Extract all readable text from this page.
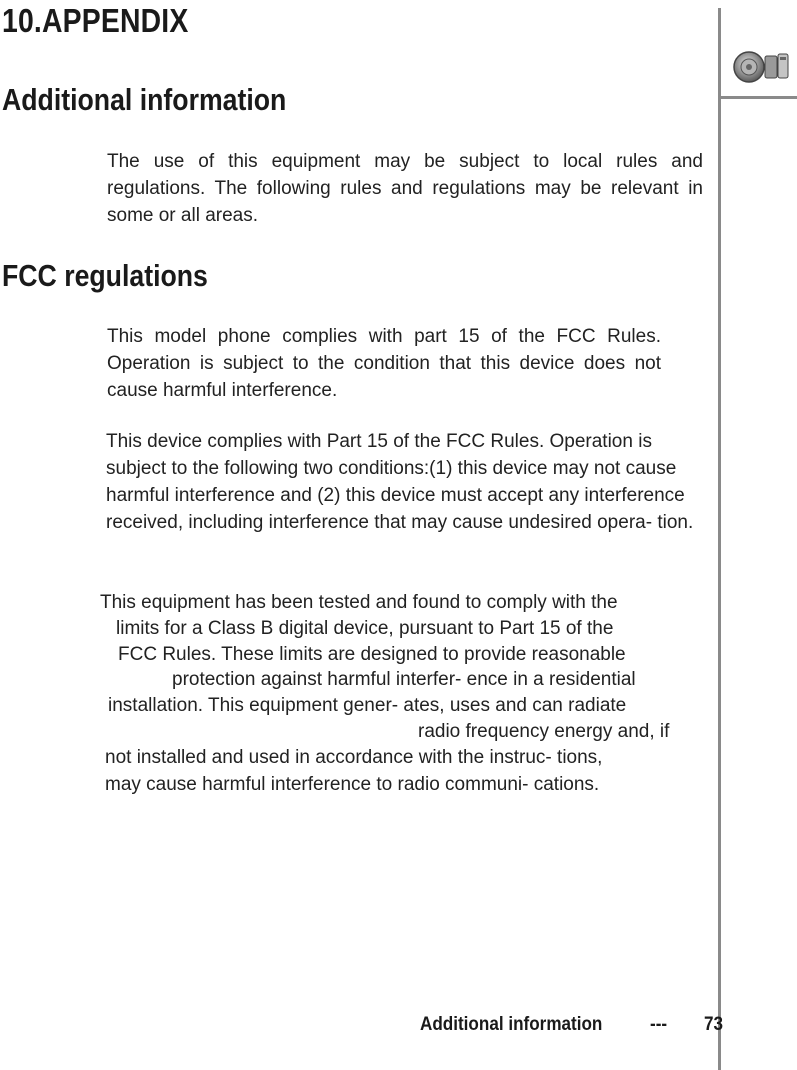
10.APPENDIX
Additional information

The use of this equipment may be subject to local rules and regulations. The following rules and regulations may be relevant in some or all areas.

FCC regulations

This model phone complies with part 15 of the FCC Rules. Operation is subject to the condition that this device does not cause harmful interference.

This device complies with Part 15 of the FCC Rules. Operation is subject to the following two conditions:(1) this device may not cause harmful interference and (2) this device must accept any interference received, including interference that may cause undesired opera- tion.

This equipment has been tested and found to comply with the
limits for a Class B digital device, pursuant to Part 15 of the
FCC Rules. These limits are designed to provide reasonable
protection against harmful interfer- ence in a residential
installation. This equipment gener- ates, uses and can radiate
radio frequency energy and, if
not installed and used in accordance with the instruc- tions,
may cause harmful interference to radio communi- cations.
Additional information	--- 73
